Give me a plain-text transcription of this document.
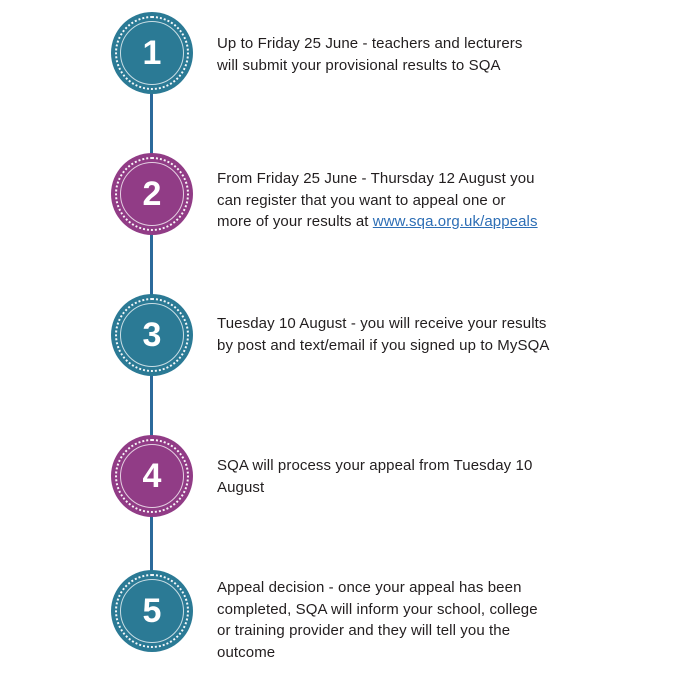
1	Up to Friday 25 June - teachers and lecturers
will submit your provisional results to SQA
2	From Friday 25 June - Thursday 12 August you
can register that you want to appeal one or
more of your results at www.sqa.org.uk/appeals
3	Tuesday 10 August - you will receive your results
by post and text/email if you signed up to MySQA
4	SQA will process your appeal from Tuesday 10
August
5
Appeal decision - once your appeal has been
completed, SQA will inform your school, college
or training provider and they will tell you the
outcome
